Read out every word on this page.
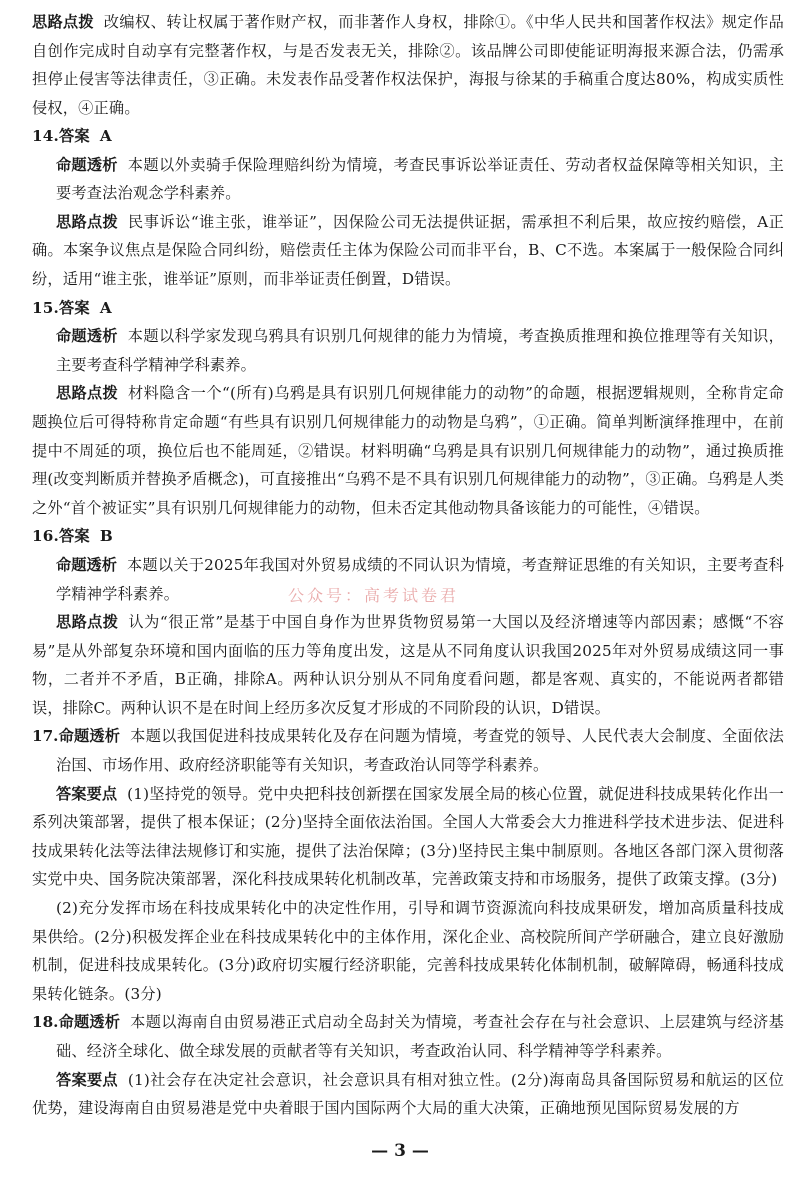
思路点拨 改编权、转让权属于著作财产权，而非著作人身权，排除①。《中华人民共和国著作权法》规定作品自创作完成时自动享有完整著作权，与是否发表无关，排除②。该品牌公司即使能证明海报来源合法，仍需承担停止侵害等法律责任，③正确。未发表作品受著作权法保护，海报与徐某的手稿重合度达80%，构成实质性侵权，④正确。

14.答案 A

命题透析 本题以外卖骑手保险理赔纠纷为情境，考查民事诉讼举证责任、劳动者权益保障等相关知识，主要考查法治观念学科素养。

思路点拨 民事诉讼“谁主张，谁举证”，因保险公司无法提供证据，需承担不利后果，故应按约赔偿，A正确。本案争议焦点是保险合同纠纷，赔偿责任主体为保险公司而非平台，B、C不选。本案属于一般保险合同纠纷，适用“谁主张，谁举证”原则，而非举证责任倒置，D错误。

15.答案 A

命题透析 本题以科学家发现乌鸦具有识别几何规律的能力为情境，考查换质推理和换位推理等有关知识，主要考查科学精神学科素养。

思路点拨 材料隐含一个“(所有)乌鸦是具有识别几何规律能力的动物”的命题，根据逻辑规则，全称肯定命题换位后可得特称肯定命题“有些具有识别几何规律能力的动物是乌鸦”，①正确。简单判断演绎推理中，在前提中不周延的项，换位后也不能周延，②错误。材料明确“乌鸦是具有识别几何规律能力的动物”，通过换质推理(改变判断质并替换矛盾概念)，可直接推出“乌鸦不是不具有识别几何规律能力的动物”，③正确。乌鸦是人类之外“首个被证实”具有识别几何规律能力的动物，但未否定其他动物具备该能力的可能性，④错误。

16.答案 B

命题透析 本题以关于2025年我国对外贸易成绩的不同认识为情境，考查辩证思维的有关知识，主要考查科学精神学科素养。

思路点拨 认为“很正常”是基于中国自身作为世界货物贸易第一大国以及经济增速等内部因素；感慨“不容易”是从外部复杂环境和国内面临的压力等角度出发，这是从不同角度认识我国2025年对外贸易成绩这同一事物，二者并不矛盾，B正确，排除A。两种认识分别从不同角度看问题，都是客观、真实的，不能说两者都错误，排除C。两种认识不是在时间上经历多次反复才形成的不同阶段的认识，D错误。

17.命题透析 本题以我国促进科技成果转化及存在问题为情境，考查党的领导、人民代表大会制度、全面依法治国、市场作用、政府经济职能等有关知识，考查政治认同等学科素养。

答案要点 (1)坚持党的领导。党中央把科技创新摆在国家发展全局的核心位置，就促进科技成果转化作出一系列决策部署，提供了根本保证；(2分)坚持全面依法治国。全国人大常委会大力推进科学技术进步法、促进科技成果转化法等法律法规修订和实施，提供了法治保障；(3分)坚持民主集中制原则。各地区各部门深入贯彻落实党中央、国务院决策部署，深化科技成果转化机制改革，完善政策支持和市场服务，提供了政策支撑。(3分)

(2)充分发挥市场在科技成果转化中的决定性作用，引导和调节资源流向科技成果研发，增加高质量科技成果供给。(2分)积极发挥企业在科技成果转化中的主体作用，深化企业、高校院所间产学研融合，建立良好激励机制，促进科技成果转化。(3分)政府切实履行经济职能，完善科技成果转化体制机制，破解障碍，畅通科技成果转化链条。(3分)

18.命题透析 本题以海南自由贸易港正式启动全岛封关为情境，考查社会存在与社会意识、上层建筑与经济基础、经济全球化、做全球发展的贡献者等有关知识，考查政治认同、科学精神等学科素养。

答案要点 (1)社会存在决定社会意识，社会意识具有相对独立性。(2分)海南岛具备国际贸易和航运的区位优势，建设海南自由贸易港是党中央着眼于国内国际两个大局的重大决策，正确地预见国际贸易发展的方

公众号：高考试卷君
— 3 —
